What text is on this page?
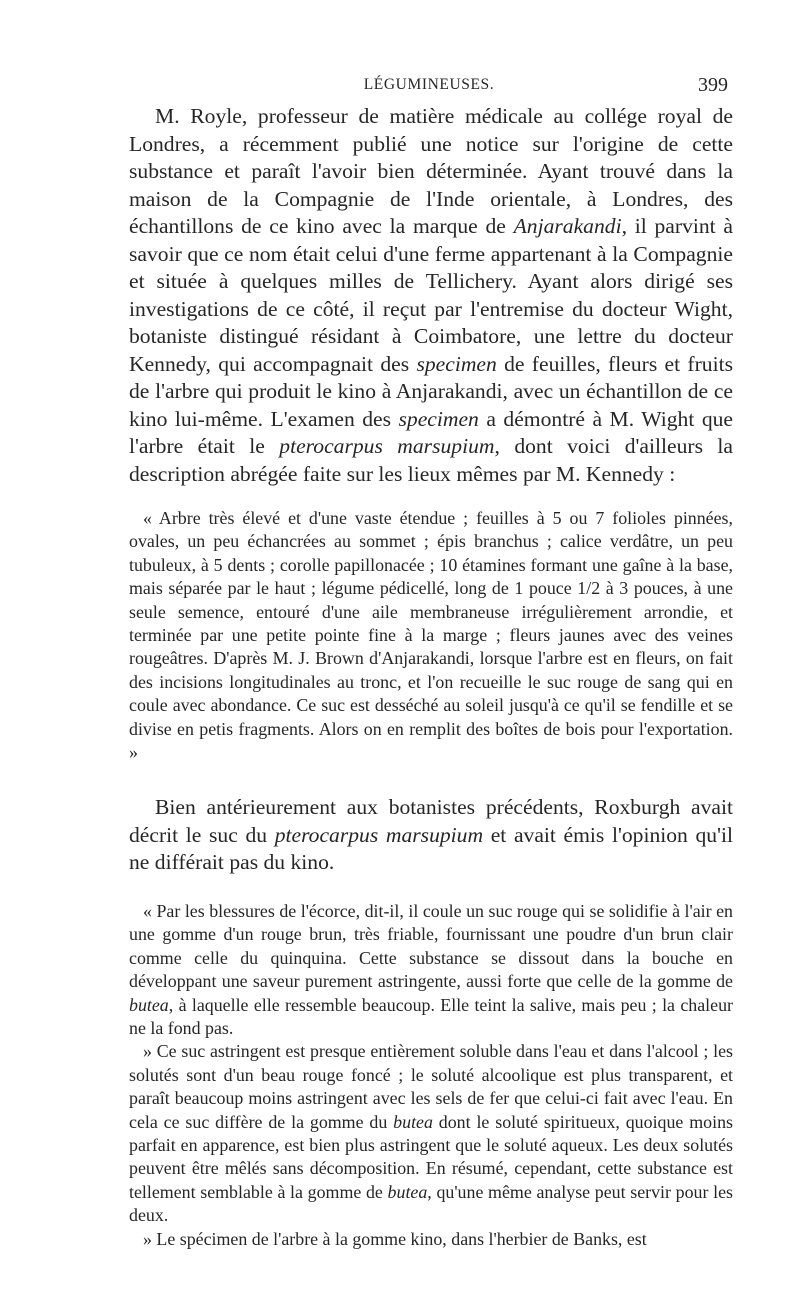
LÉGUMINEUSES.	399

M. Royle, professeur de matière médicale au collége royal de Londres, a récemment publié une notice sur l'origine de cette substance et paraît l'avoir bien déterminée. Ayant trouvé dans la maison de la Compagnie de l'Inde orientale, à Londres, des échantillons de ce kino avec la marque de Anjarakandi, il parvint à savoir que ce nom était celui d'une ferme appartenant à la Compagnie et située à quelques milles de Tellichery. Ayant alors dirigé ses investigations de ce côté, il reçut par l'entremise du docteur Wight, botaniste distingué résidant à Coimbatore, une lettre du docteur Kennedy, qui accompagnait des specimen de feuilles, fleurs et fruits de l'arbre qui produit le kino à Anjarakandi, avec un échantillon de ce kino lui-même. L'examen des specimen a démontré à M. Wight que l'arbre était le pterocarpus marsupium, dont voici d'ailleurs la description abrégée faite sur les lieux mêmes par M. Kennedy :

« Arbre très élevé et d'une vaste étendue ; feuilles à 5 ou 7 folioles pinnées, ovales, un peu échancrées au sommet ; épis branchus ; calice verdâtre, un peu tubuleux, à 5 dents ; corolle papillonacée ; 10 étamines formant une gaîne à la base, mais séparée par le haut ; légume pédicellé, long de 1 pouce 1/2 à 3 pouces, à une seule semence, entouré d'une aile membraneuse irrégulièrement arrondie, et terminée par une petite pointe fine à la marge ; fleurs jaunes avec des veines rougeâtres. D'après M. J. Brown d'Anjarakandi, lorsque l'arbre est en fleurs, on fait des incisions longitudinales au tronc, et l'on recueille le suc rouge de sang qui en coule avec abondance. Ce suc est desséché au soleil jusqu'à ce qu'il se fendille et se divise en petis fragments. Alors on en remplit des boîtes de bois pour l'exportation. »

Bien antérieurement aux botanistes précédents, Roxburgh avait décrit le suc du pterocarpus marsupium et avait émis l'opinion qu'il ne différait pas du kino.

« Par les blessures de l'écorce, dit-il, il coule un suc rouge qui se solidifie à l'air en une gomme d'un rouge brun, très friable, fournissant une poudre d'un brun clair comme celle du quinquina. Cette substance se dissout dans la bouche en développant une saveur purement astringente, aussi forte que celle de la gomme de butea, à laquelle elle ressemble beaucoup. Elle teint la salive, mais peu ; la chaleur ne la fond pas.

» Ce suc astringent est presque entièrement soluble dans l'eau et dans l'alcool ; les solutés sont d'un beau rouge foncé ; le soluté alcoolique est plus transparent, et paraît beaucoup moins astringent avec les sels de fer que celui-ci fait avec l'eau. En cela ce suc diffère de la gomme du butea dont le soluté spiritueux, quoique moins parfait en apparence, est bien plus astringent que le soluté aqueux. Les deux solutés peuvent être mêlés sans décomposition. En résumé, cependant, cette substance est tellement semblable à la gomme de butea, qu'une même analyse peut servir pour les deux.

» Le spécimen de l'arbre à la gomme kino, dans l'herbier de Banks, est
